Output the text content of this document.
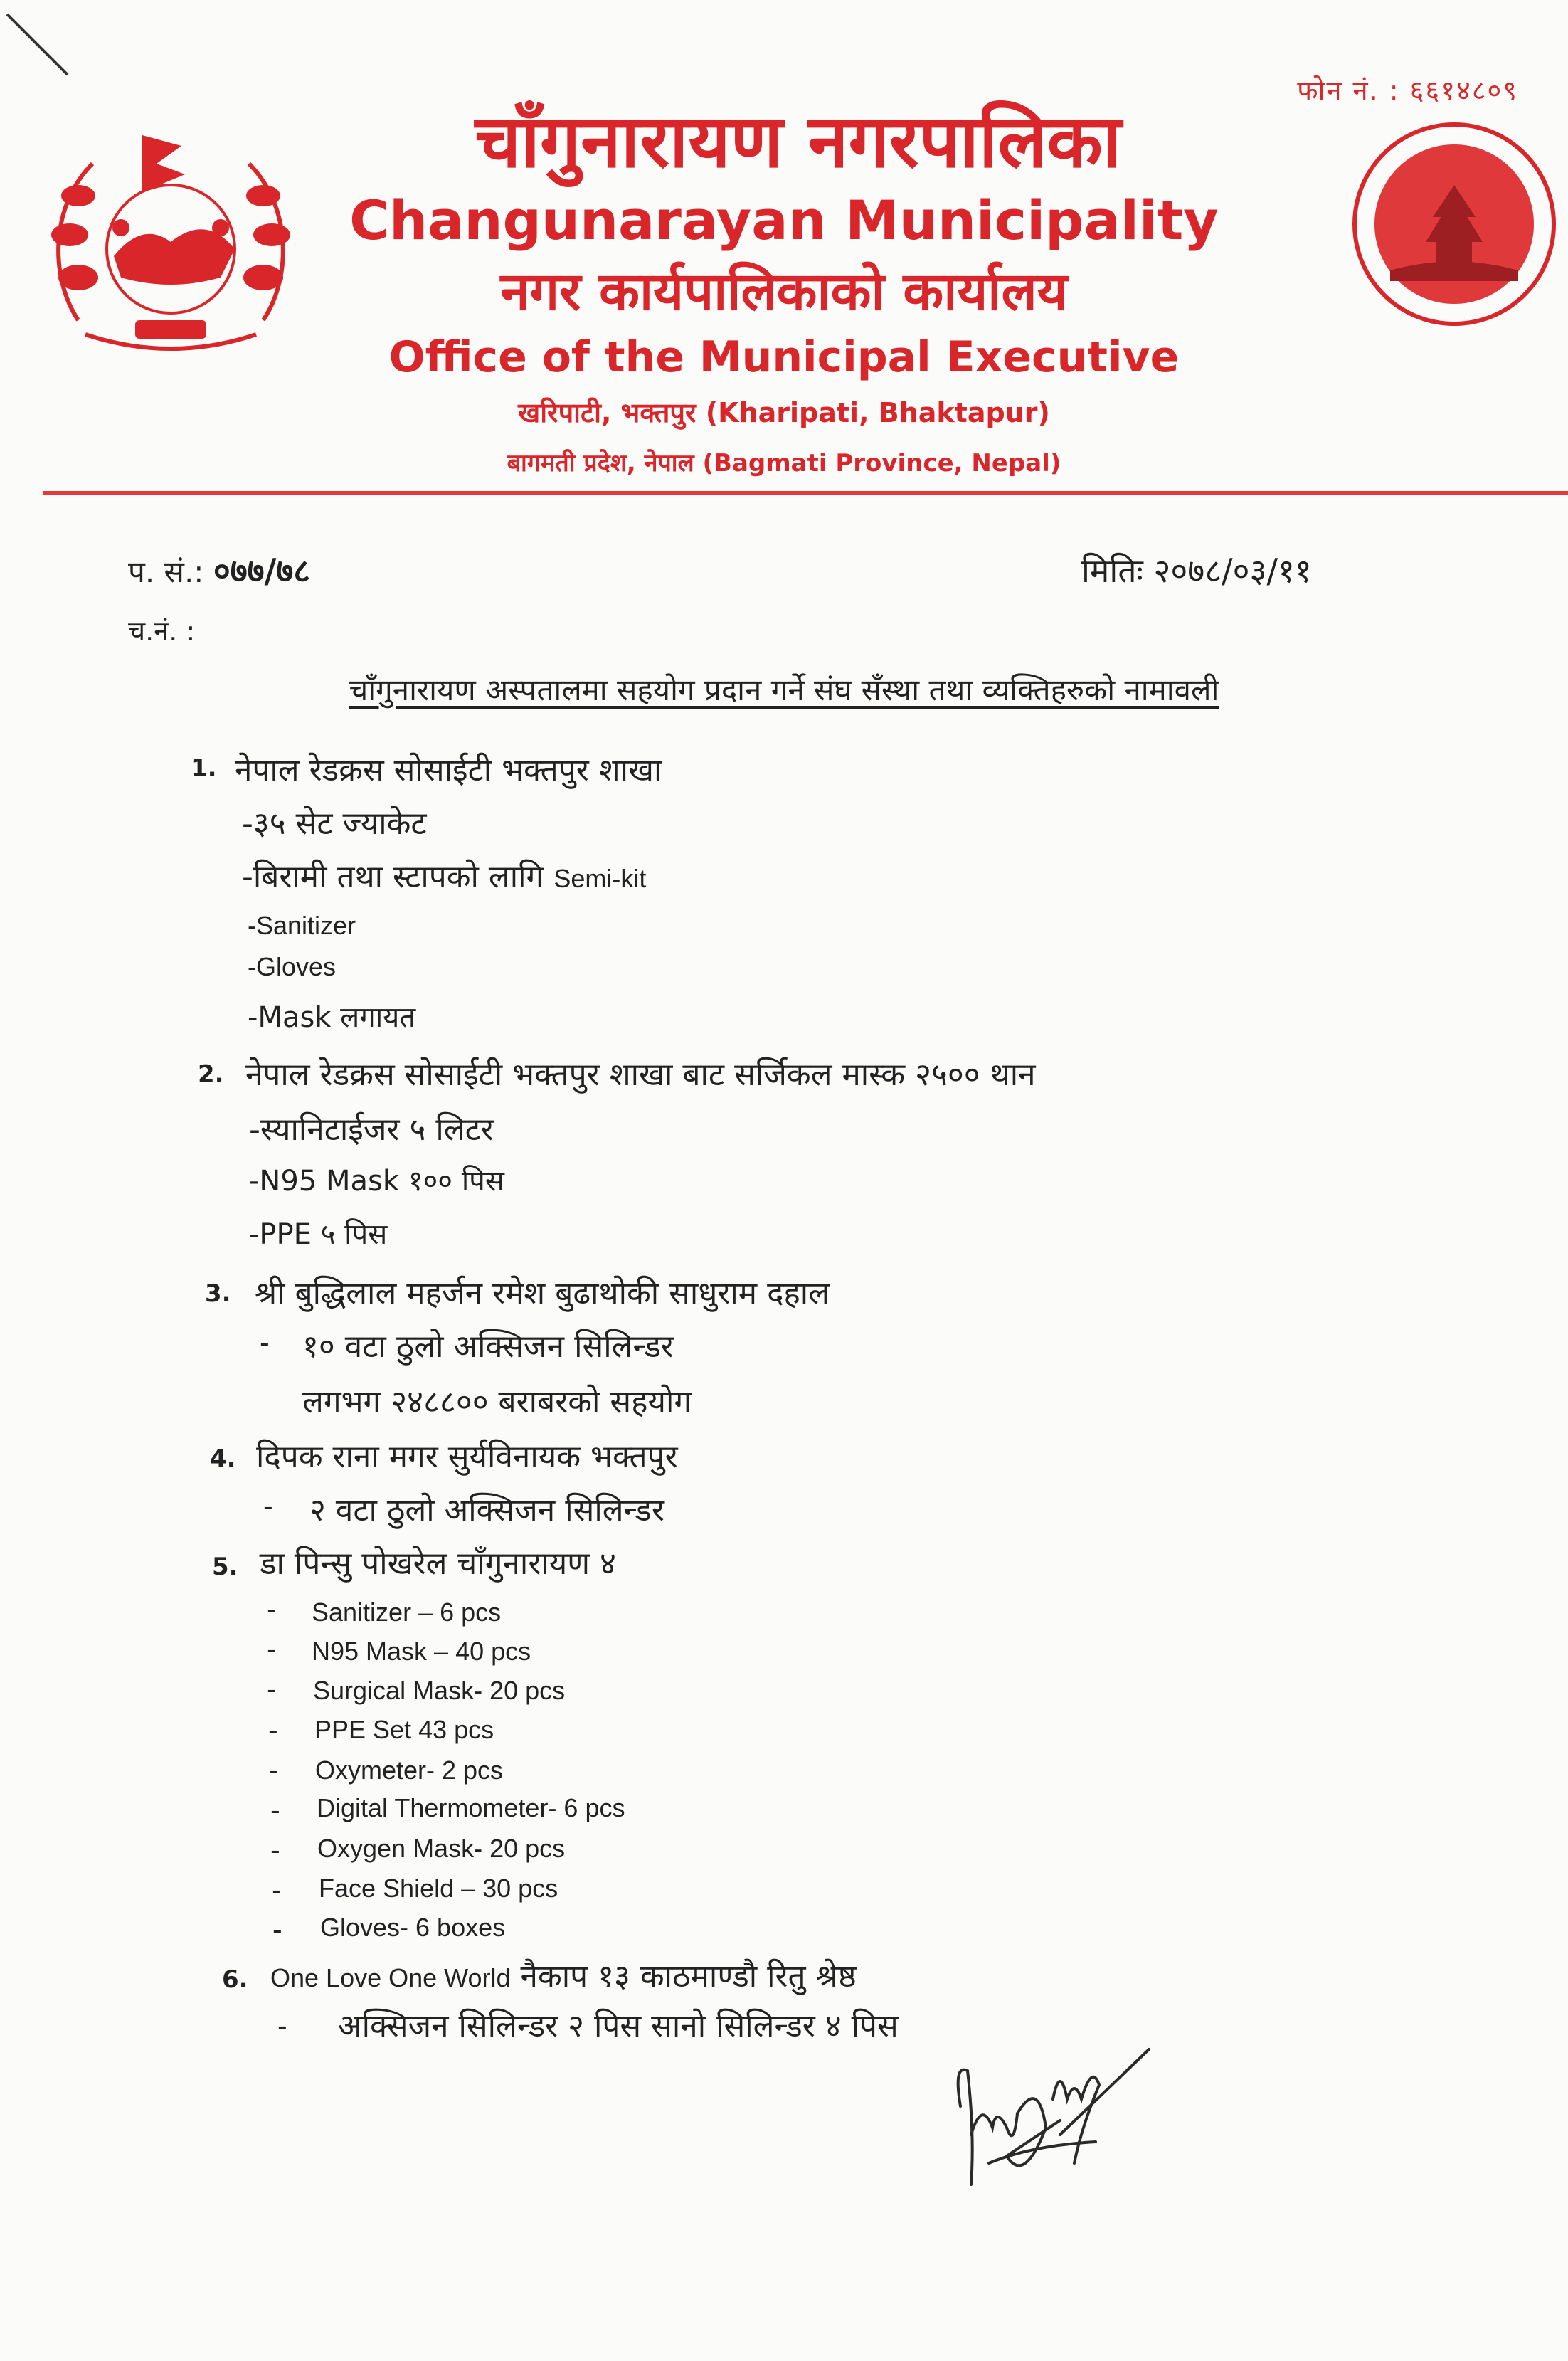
फोन नं. : ६६१४८०९
चाँगुनारायण नगरपालिका
Changunarayan Municipality
नगर कार्यपालिकाको कार्यालय
Office of the Municipal Executive
खरिपाटी, भक्तपुर (Kharipati, Bhaktapur)
बागमती प्रदेश, नेपाल (Bagmati Province, Nepal)
प. सं.: ०७७/७८	मितिः २०७८/०३/११
च.नं. :
चाँगुनारायण अस्पतालमा सहयोग प्रदान गर्ने संघ सँस्था तथा व्यक्तिहरुको नामावली
1. नेपाल रेडक्रस सोसाईटी भक्तपुर शाखा
-३५ सेट ज्याकेट
-बिरामी तथा स्टापको लागि Semi-kit
-Sanitizer
-Gloves
-Mask लगायत
2. नेपाल रेडक्रस सोसाईटी भक्तपुर शाखा बाट सर्जिकल मास्क २५०० थान
-स्यानिटाईजर ५ लिटर
-N95 Mask १०० पिस
-PPE ५ पिस
3. श्री बुद्धिलाल महर्जन रमेश बुढाथोकी साधुराम दहाल
- १० वटा ठुलो अक्सिजन सिलिन्डर
लगभग २४८८०० बराबरको सहयोग
4. दिपक राना मगर सुर्यविनायक भक्तपुर
- २ वटा ठुलो अक्सिजन सिलिन्डर
5. डा पिन्सु पोखरेल चाँगुनारायण ४
- Sanitizer – 6 pcs
- N95 Mask – 40 pcs
- Surgical Mask- 20 pcs
- PPE Set 43 pcs
- Oxymeter- 2 pcs
- Digital Thermometer- 6 pcs
- Oxygen Mask- 20 pcs
- Face Shield – 30 pcs
- Gloves- 6 boxes
6. One Love One World नैकाप १३ काठमाण्डौ रितु श्रेष्ठ
- अक्सिजन सिलिन्डर २ पिस सानो सिलिन्डर ४ पिस
